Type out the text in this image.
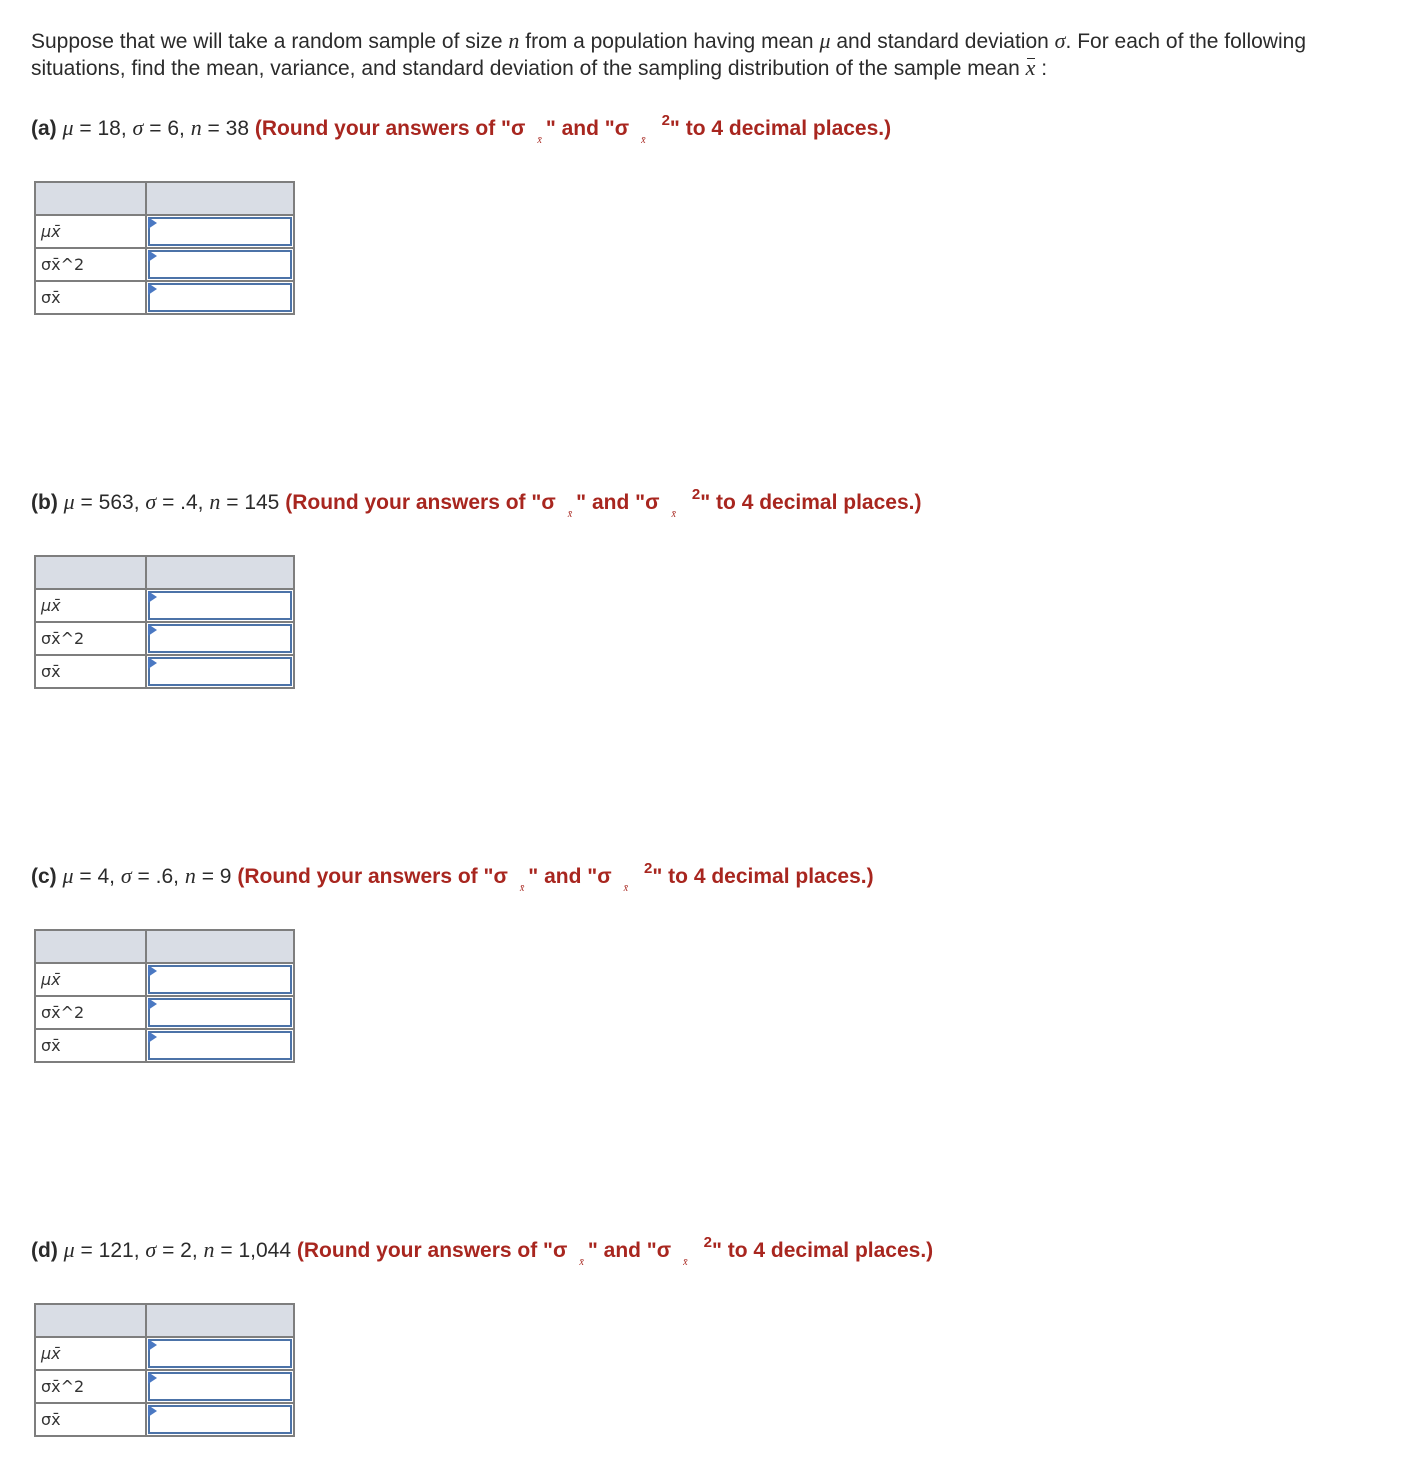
Suppose that we will take a random sample of size n from a population having mean μ and standard deviation σ. For each of the following situations, find the mean, variance, and standard deviation of the sampling distribution of the sample mean x :
(a) μ = 18, σ = 6, n = 38 (Round your answers of "$\sigma_{x̄}$" and "$\sigma_{x̄}^2$" to 4 decimal places.)

μx̄	

σx̄^2	

σx̄	
(b) μ = 563, σ = .4, n = 145 (Round your answers of "$\sigma_{x̄}$" and "$\sigma_{x̄}^2$" to 4 decimal places.)

μx̄	

σx̄^2	

σx̄	
(c) μ = 4, σ = .6, n = 9 (Round your answers of "$\sigma_{x̄}$" and "$\sigma_{x̄}^2$" to 4 decimal places.)

μx̄	

σx̄^2	

σx̄	
(d) μ = 121, σ = 2, n = 1,044 (Round your answers of "$\sigma_{x̄}$" and "$\sigma_{x̄}^2$" to 4 decimal places.)

μx̄	

σx̄^2	

σx̄	
